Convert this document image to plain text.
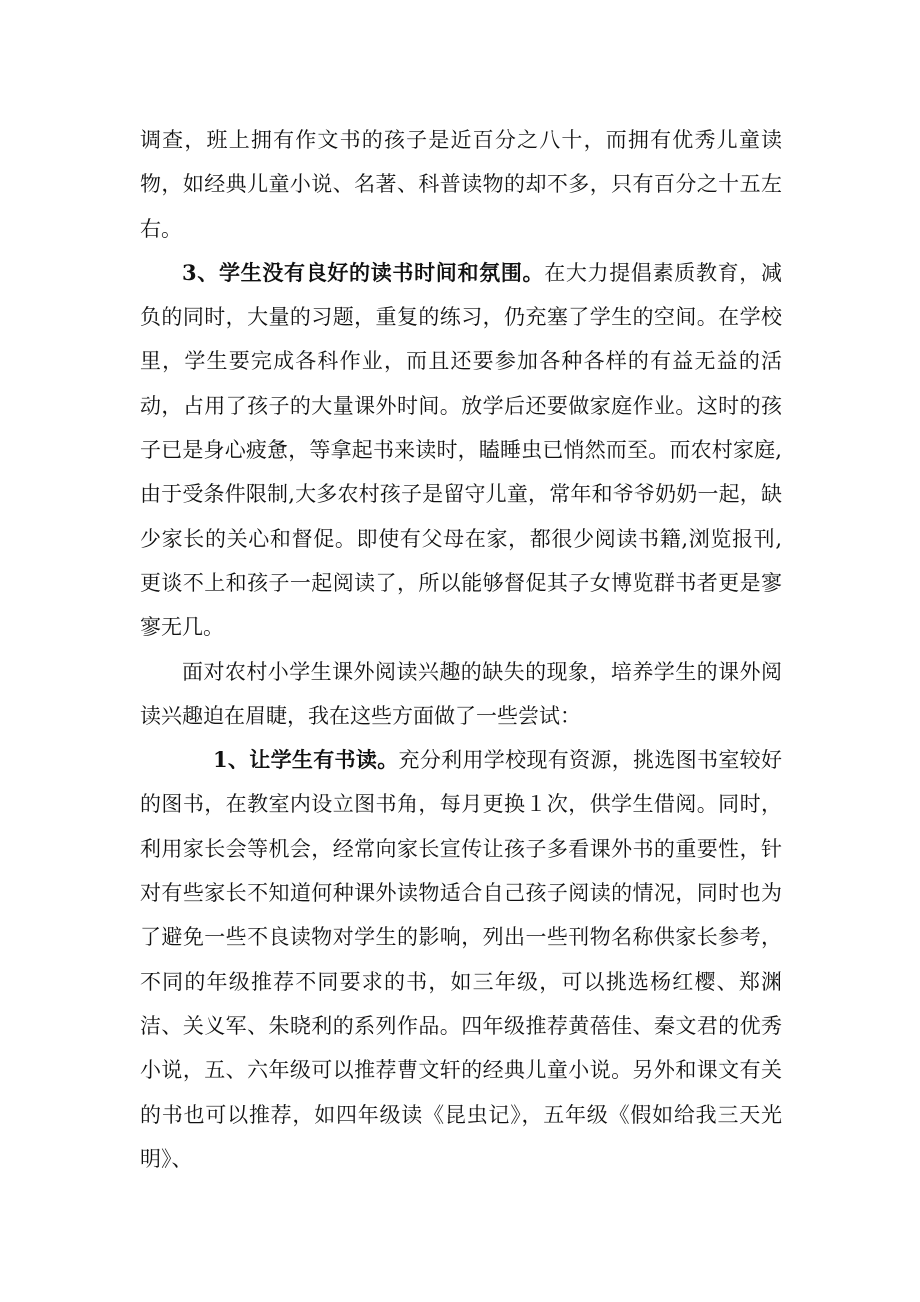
调查，班上拥有作文书的孩子是近百分之八十，而拥有优秀儿童读物，如经典儿童小说、名著、科普读物的却不多，只有百分之十五左右。

3、学生没有良好的读书时间和氛围。在大力提倡素质教育，减负的同时，大量的习题，重复的练习，仍充塞了学生的空间。在学校里，学生要完成各科作业，而且还要参加各种各样的有益无益的活动，占用了孩子的大量课外时间。放学后还要做家庭作业。这时的孩子已是身心疲惫，等拿起书来读时，瞌睡虫已悄然而至。而农村家庭,由于受条件限制,大多农村孩子是留守儿童，常年和爷爷奶奶一起，缺少家长的关心和督促。即使有父母在家，都很少阅读书籍,浏览报刊,更谈不上和孩子一起阅读了，所以能够督促其子女博览群书者更是寥寥无几。

面对农村小学生课外阅读兴趣的缺失的现象，培养学生的课外阅读兴趣迫在眉睫，我在这些方面做了一些尝试：

1、让学生有书读。充分利用学校现有资源，挑选图书室较好的图书，在教室内设立图书角，每月更换１次，供学生借阅。同时，利用家长会等机会，经常向家长宣传让孩子多看课外书的重要性，针对有些家长不知道何种课外读物适合自己孩子阅读的情况，同时也为了避免一些不良读物对学生的影响，列出一些刊物名称供家长参考，不同的年级推荐不同要求的书，如三年级，可以挑选杨红樱、郑渊洁、关义军、朱晓利的系列作品。四年级推荐黄蓓佳、秦文君的优秀小说，五、六年级可以推荐曹文轩的经典儿童小说。另外和课文有关的书也可以推荐，如四年级读《昆虫记》，五年级《假如给我三天光明》、
